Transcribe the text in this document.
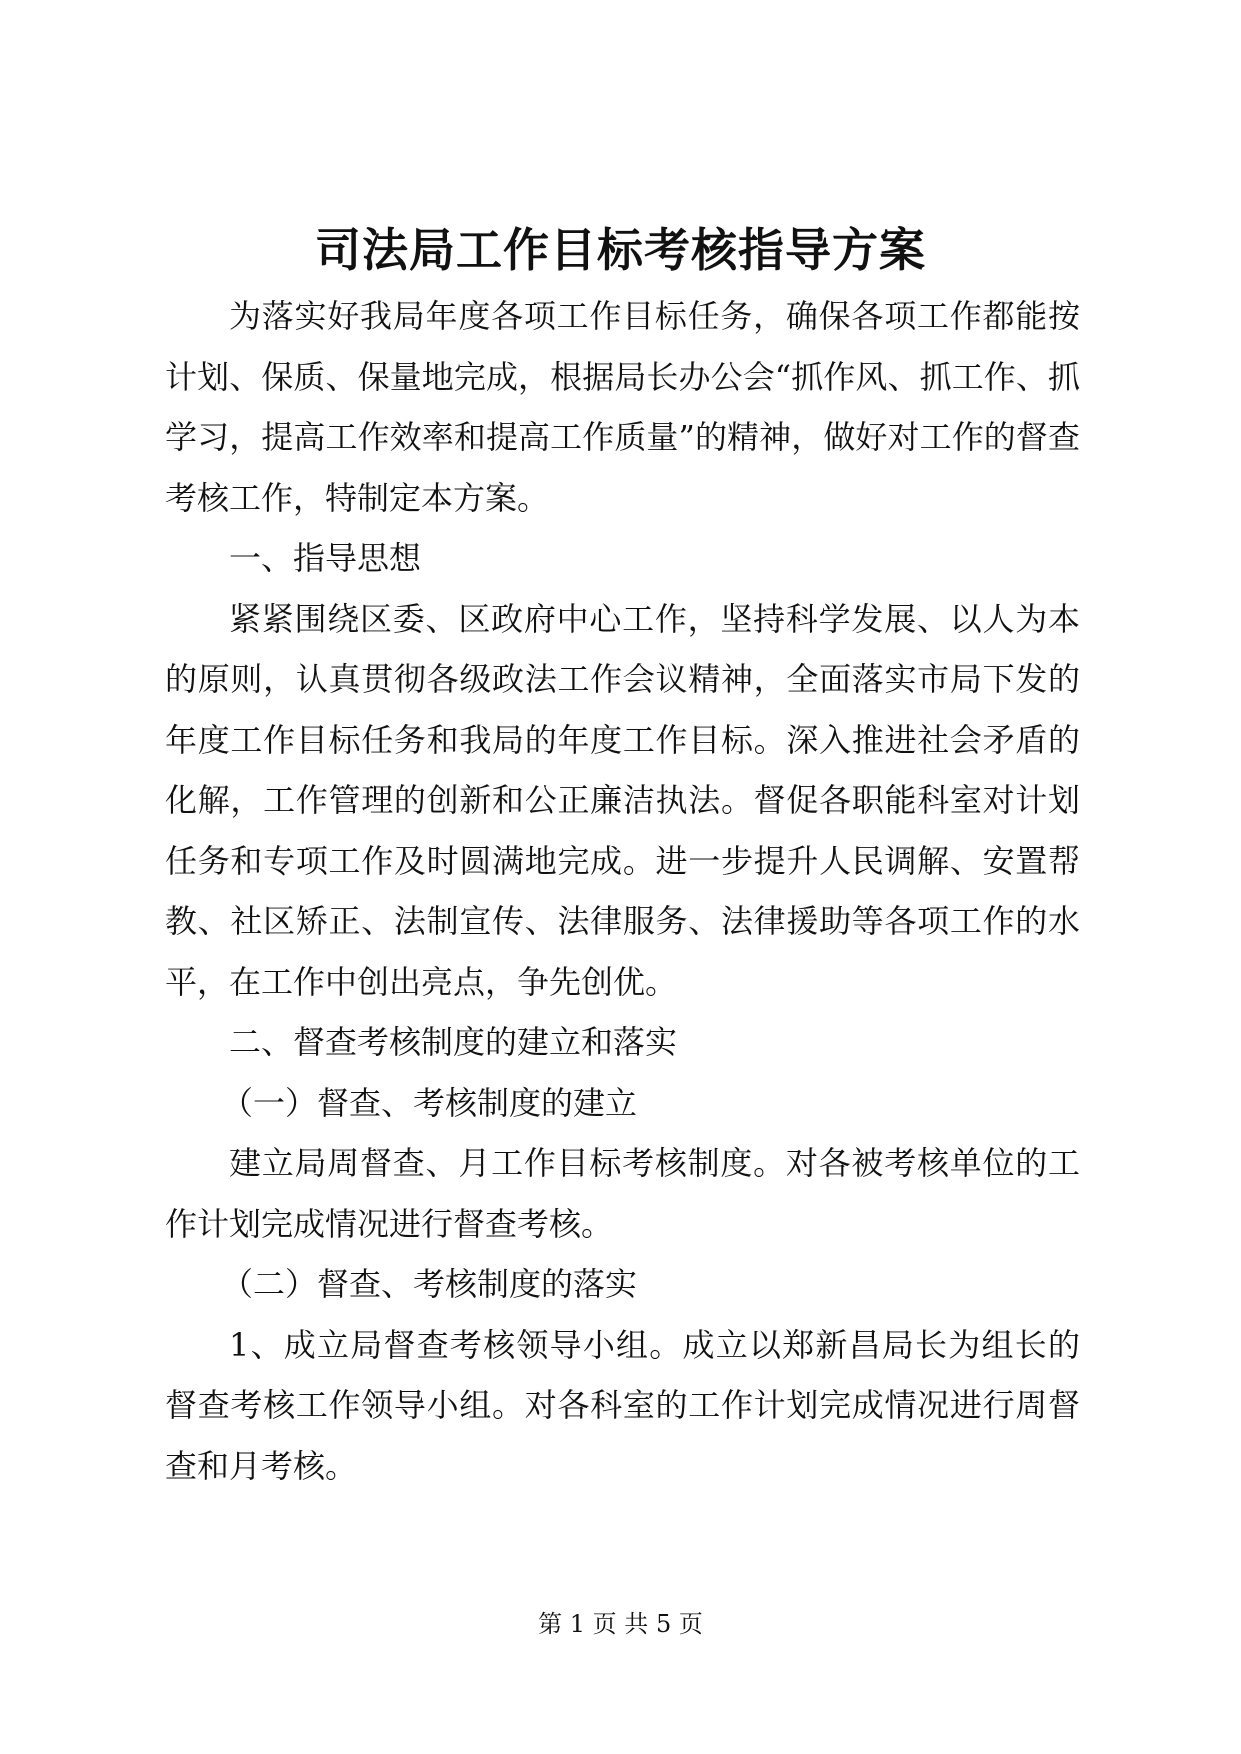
司法局工作目标考核指导方案

为落实好我局年度各项工作目标任务，确保各项工作都能按计划、保质、保量地完成，根据局长办公会“抓作风、抓工作、抓学习，提高工作效率和提高工作质量”的精神，做好对工作的督查考核工作，特制定本方案。

一、指导思想

紧紧围绕区委、区政府中心工作，坚持科学发展、以人为本的原则，认真贯彻各级政法工作会议精神，全面落实市局下发的年度工作目标任务和我局的年度工作目标。深入推进社会矛盾的化解，工作管理的创新和公正廉洁执法。督促各职能科室对计划任务和专项工作及时圆满地完成。进一步提升人民调解、安置帮教、社区矫正、法制宣传、法律服务、法律援助等各项工作的水平，在工作中创出亮点，争先创优。

二、督查考核制度的建立和落实

（一）督查、考核制度的建立

建立局周督查、月工作目标考核制度。对各被考核单位的工作计划完成情况进行督查考核。

（二）督查、考核制度的落实

1、成立局督查考核领导小组。成立以郑新昌局长为组长的督查考核工作领导小组。对各科室的工作计划完成情况进行周督查和月考核。

第 1 页 共 5 页
